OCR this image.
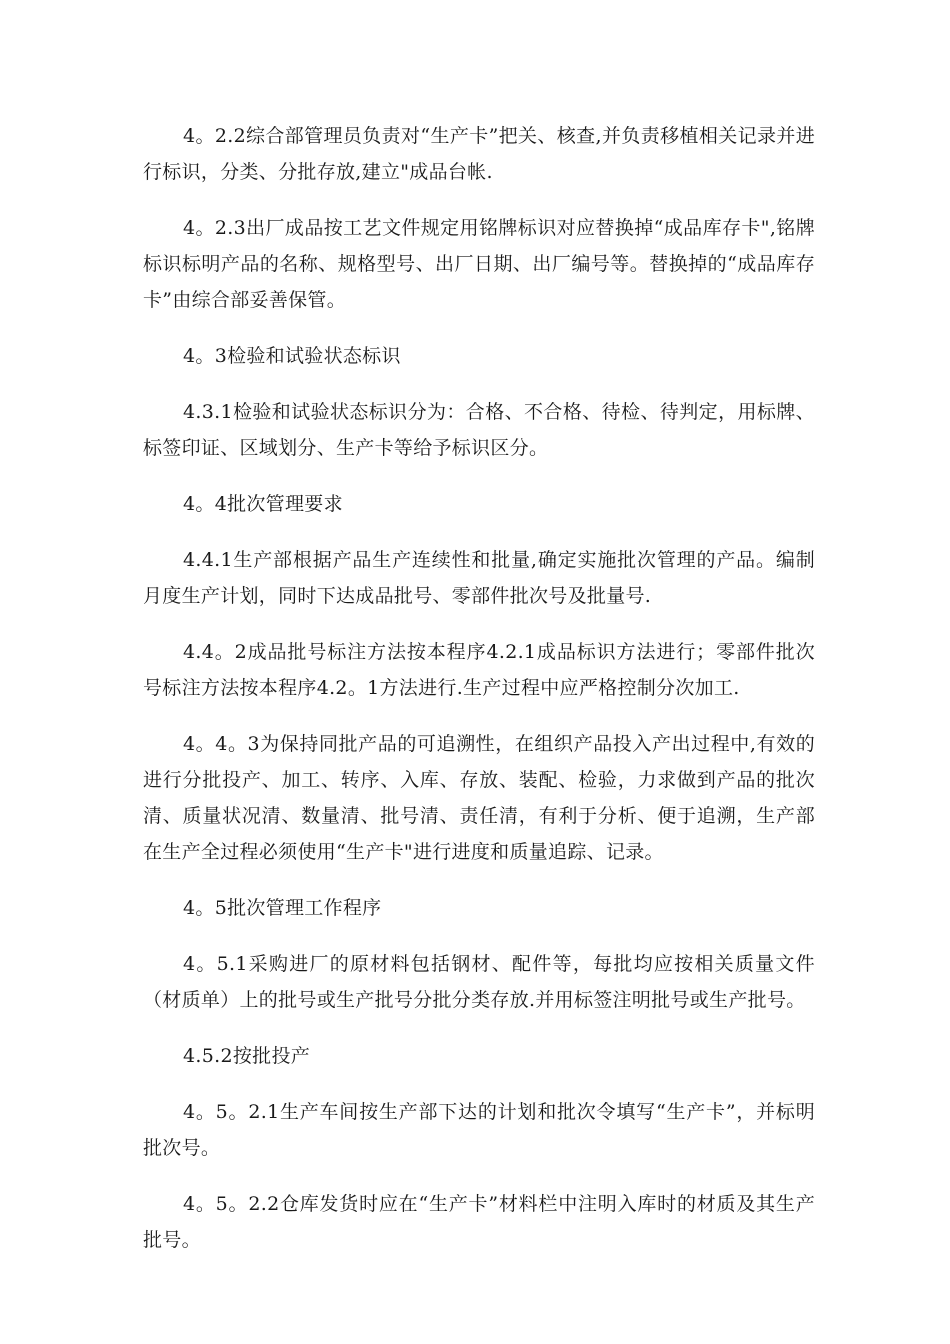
4。2.2综合部管理员负责对“生产卡”把关、核查,并负责移植相关记录并进行标识，分类、分批存放,建立"成品台帐.

4。2.3出厂成品按工艺文件规定用铭牌标识对应替换掉“成品库存卡",铭牌标识标明产品的名称、规格型号、出厂日期、出厂编号等。替换掉的“成品库存卡”由综合部妥善保管。

4。3检验和试验状态标识

4.3.1检验和试验状态标识分为：合格、不合格、待检、待判定，用标牌、标签印证、区域划分、生产卡等给予标识区分。

4。4批次管理要求

4.4.1生产部根据产品生产连续性和批量,确定实施批次管理的产品。编制月度生产计划，同时下达成品批号、零部件批次号及批量号.

4.4。2成品批号标注方法按本程序4.2.1成品标识方法进行；零部件批次号标注方法按本程序4.2。1方法进行.生产过程中应严格控制分次加工.

4。4。3为保持同批产品的可追溯性，在组织产品投入产出过程中,有效的进行分批投产、加工、转序、入库、存放、装配、检验，力求做到产品的批次清、质量状况清、数量清、批号清、责任清，有利于分析、便于追溯，生产部在生产全过程必须使用“生产卡"进行进度和质量追踪、记录。

4。5批次管理工作程序

4。5.1采购进厂的原材料包括钢材、配件等，每批均应按相关质量文件（材质单）上的批号或生产批号分批分类存放.并用标签注明批号或生产批号。

4.5.2按批投产

4。5。2.1生产车间按生产部下达的计划和批次令填写“生产卡”，并标明批次号。

4。5。2.2仓库发货时应在“生产卡”材料栏中注明入库时的材质及其生产批号。
